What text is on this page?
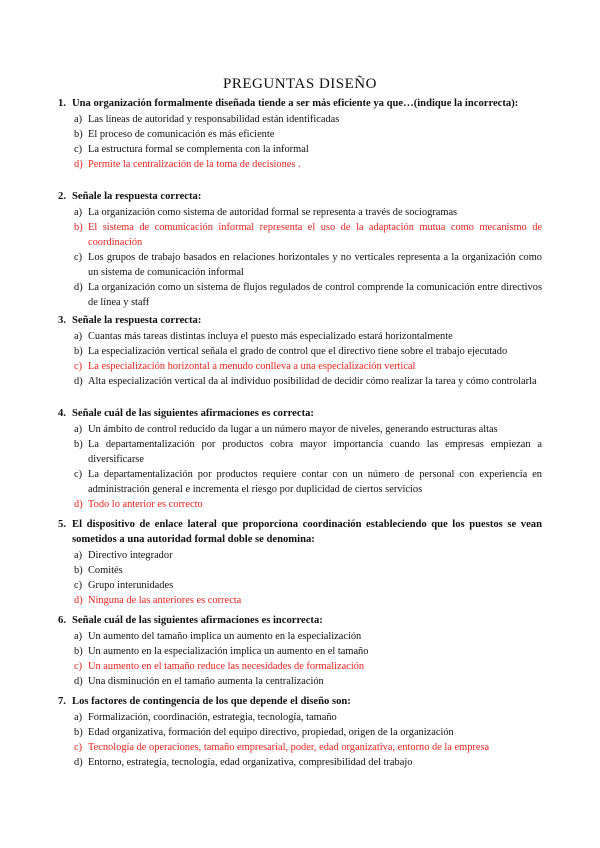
PREGUNTAS DISEÑO
1. Una organización formalmente diseñada tiende a ser más eficiente ya que…(indique la incorrecta):
a) Las líneas de autoridad y responsabilidad están identificadas
b) El proceso de comunicación es más eficiente
c) La estructura formal se complementa con la informal
d) Permite la centralización de la toma de decisiones .
2. Señale la respuesta correcta:
a) La organización como sistema de autoridad formal se representa a través de sociogramas
b) El sistema de comunicación informal representa el uso de la adaptación mutua como mecanismo de coordinación
c) Los grupos de trabajo basados en relaciones horizontales y no verticales representa a la organización como un sistema de comunicación informal
d) La organización como un sistema de flujos regulados de control comprende la comunicación entre directivos de línea y staff
3. Señale la respuesta correcta:
a) Cuantas más tareas distintas incluya el puesto más especializado estará horizontalmente
b) La especialización vertical señala el grado de control que el directivo tiene sobre el trabajo ejecutado
c) La especialización horizontal a menudo conlleva a una especialización vertical
d) Alta especialización vertical da al individuo posibilidad de decidir cómo realizar la tarea y cómo controlarla
4. Señale cuál de las siguientes afirmaciones es correcta:
a) Un ámbito de control reducido da lugar a un número mayor de niveles, generando estructuras altas
b) La departamentalización por productos cobra mayor importancia cuando las empresas empiezan a diversificarse
c) La departamentalización por productos requiere contar con un número de personal con experiencia en administración general e incrementa el riesgo por duplicidad de ciertos servicios
d) Todo lo anterior es correcto
5. El dispositivo de enlace lateral que proporciona coordinación estableciendo que los puestos se vean sometidos a una autoridad formal doble se denomina:
a) Directivo integrador
b) Comités
c) Grupo interunidades
d) Ninguna de las anteriores es correcta
6. Señale cuál de las siguientes afirmaciones es incorrecta:
a) Un aumento del tamaño implica un aumento en la especialización
b) Un aumento en la especialización implica un aumento en el tamaño
c) Un aumento en el tamaño reduce las necesidades de formalización
d) Una disminución en el tamaño aumenta la centralización
7. Los factores de contingencia de los que depende el diseño son:
a) Formalización, coordinación, estrategia, tecnología, tamaño
b) Edad organizativa, formación del equipo directivo, propiedad, origen de la organización
c) Tecnología de operaciones, tamaño empresarial, poder, edad organizativa, entorno de la empresa
d) Entorno, estrategia, tecnología, edad organizativa, compresibilidad del trabajo
